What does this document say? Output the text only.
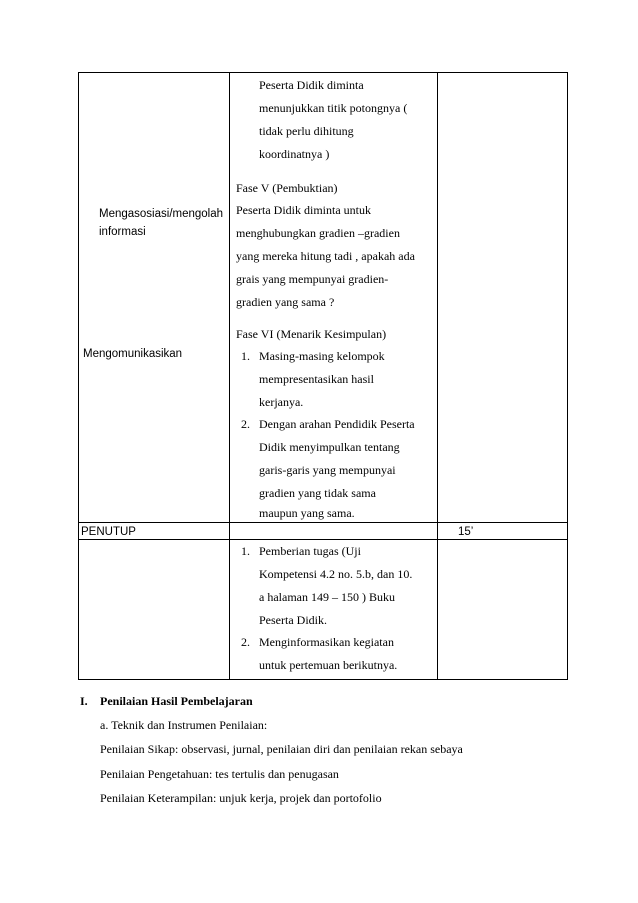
Mengasosiasi/mengolah
informasi
Mengomunikasikan
Peserta Didik diminta
menunjukkan titik potongnya (
tidak perlu dihitung
koordinatnya )
Fase V (Pembuktian)
Peserta Didik diminta untuk
menghubungkan gradien –gradien
yang mereka hitung tadi , apakah ada
grais yang mempunyai gradien-
gradien yang sama ?
Fase VI (Menarik Kesimpulan)
1. Masing-masing kelompok
mempresentasikan hasil
kerjanya.
2. Dengan arahan Pendidik Peserta
Didik menyimpulkan tentang
garis-garis yang mempunyai
gradien yang tidak sama
maupun yang sama.
PENUTUP	15’
1. Pemberian tugas (Uji
Kompetensi 4.2 no. 5.b, dan 10.
a halaman 149 – 150 ) Buku
Peserta Didik.
2. Menginformasikan kegiatan
untuk pertemuan berikutnya.
I. Penilaian Hasil Pembelajaran
a. Teknik dan Instrumen Penilaian:
Penilaian Sikap: observasi, jurnal, penilaian diri dan penilaian rekan sebaya
Penilaian Pengetahuan: tes tertulis dan penugasan
Penilaian Keterampilan: unjuk kerja, projek dan portofolio
